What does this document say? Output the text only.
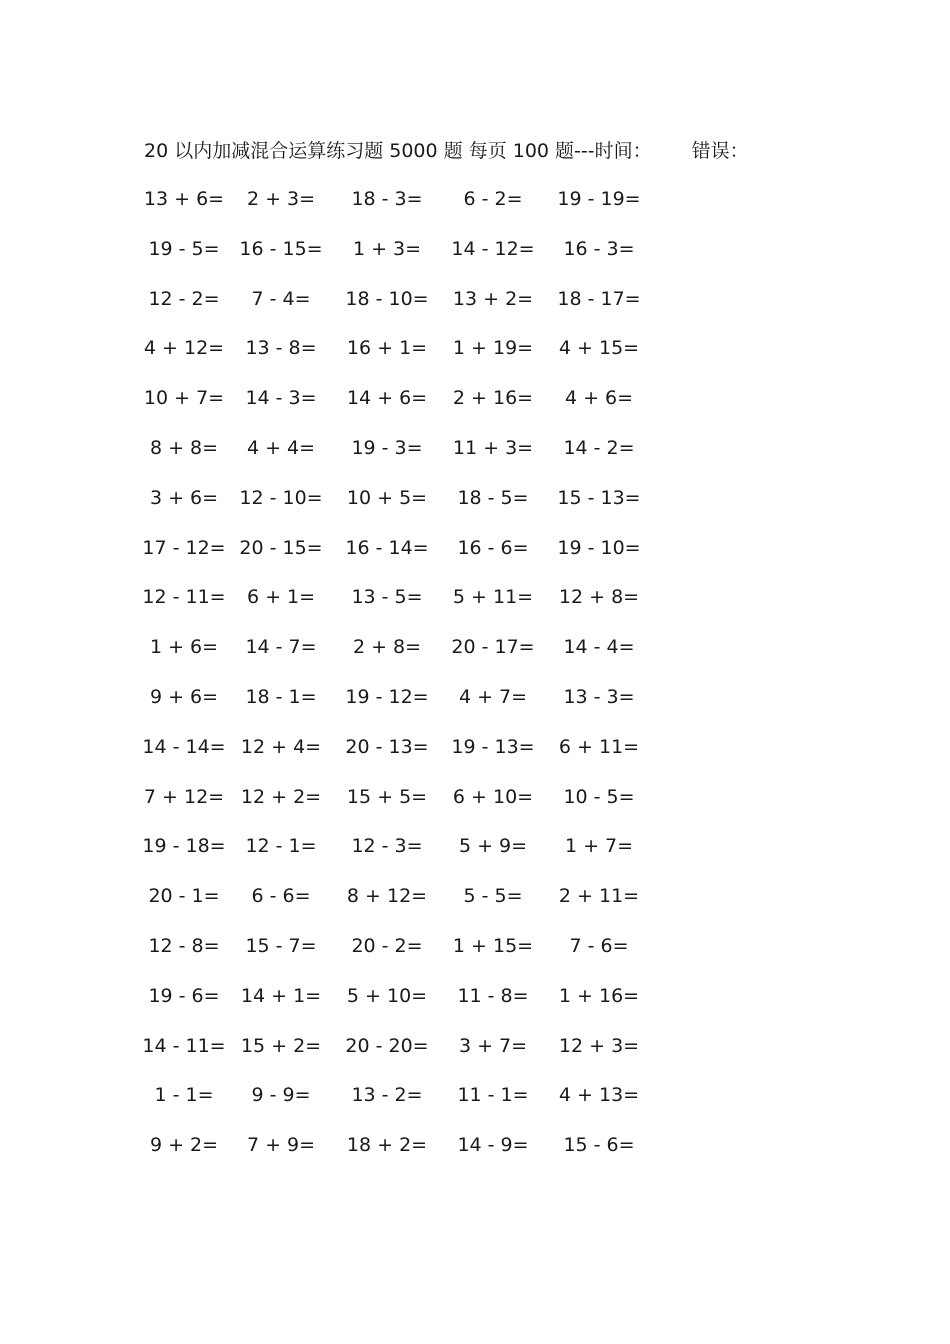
20 以内加减混合运算练习题 5000 题 每页 100 题---时间： 错误：
13 + 6=	2 + 3=	18 - 3=	6 - 2=	19 - 19=
19 - 5=	16 - 15=	1 + 3=	14 - 12=	16 - 3=
12 - 2=	7 - 4=	18 - 10=	13 + 2=	18 - 17=
4 + 12=	13 - 8=	16 + 1=	1 + 19=	4 + 15=
10 + 7=	14 - 3=	14 + 6=	2 + 16=	4 + 6=
8 + 8=	4 + 4=	19 - 3=	11 + 3=	14 - 2=
3 + 6=	12 - 10=	10 + 5=	18 - 5=	15 - 13=
17 - 12= 20 - 15=	16 - 14=	16 - 6=	19 - 10=
12 - 11=	6 + 1=	13 - 5=	5 + 11=	12 + 8=
1 + 6=	14 - 7=	2 + 8=	20 - 17=	14 - 4=
9 + 6=	18 - 1=	19 - 12=	4 + 7=	13 - 3=
14 - 14= 12 + 4=	20 - 13=	19 - 13=	6 + 11=
7 + 12= 12 + 2=	15 + 5=	6 + 10=	10 - 5=
19 - 18=	12 - 1=	12 - 3=	5 + 9=	1 + 7=
20 - 1=	6 - 6=	8 + 12=	5 - 5=	2 + 11=
12 - 8=	15 - 7=	20 - 2=	1 + 15=	7 - 6=
19 - 6=	14 + 1=	5 + 10=	11 - 8=	1 + 16=
14 - 11= 15 + 2=	20 - 20=	3 + 7=	12 + 3=
1 - 1=	9 - 9=	13 - 2=	11 - 1=	4 + 13=
9 + 2=	7 + 9=	18 + 2=	14 - 9=	15 - 6=
